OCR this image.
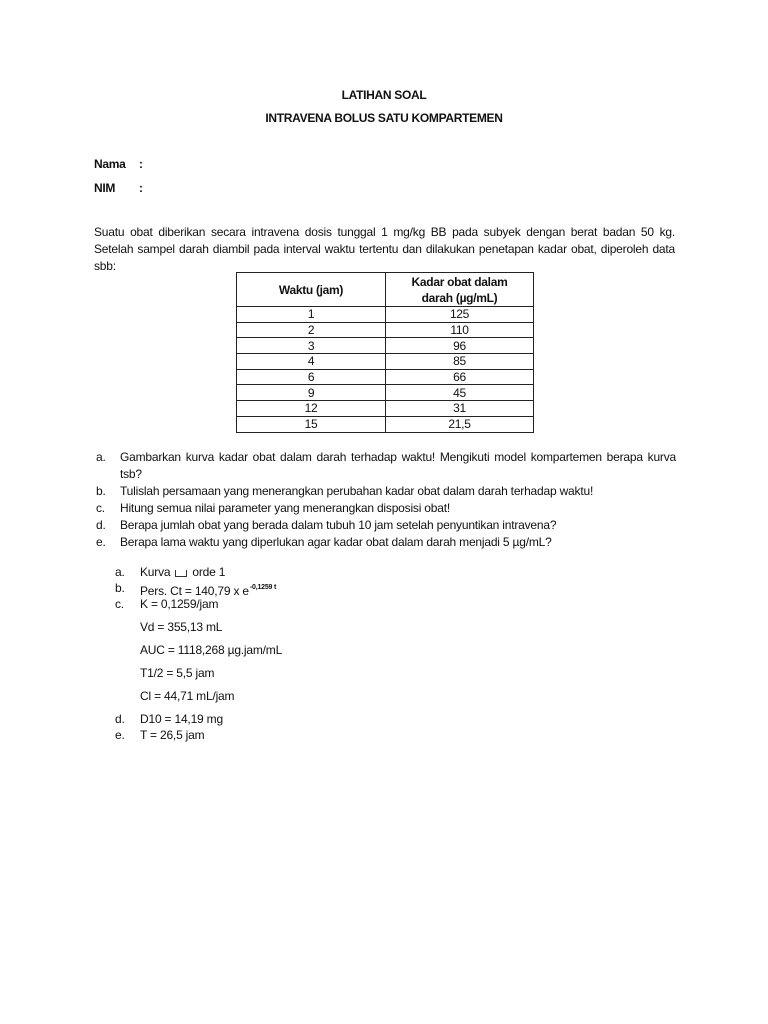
LATIHAN SOAL
INTRAVENA BOLUS SATU KOMPARTEMEN
Nama :
NIM :
Suatu obat diberikan secara intravena dosis tunggal 1 mg/kg BB pada subyek dengan berat badan 50 kg.
Setelah sampel darah diambil pada interval waktu tertentu dan dilakukan penetapan kadar obat, diperoleh data
sbb:
Waktu (jam)	Kadar obat dalam
darah (µg/mL)
1	125
2	110
3	96
4	85
6	66
9	45
12	31
15	21,5
a. Gambarkan kurva kadar obat dalam darah terhadap waktu! Mengikuti model kompartemen berapa kurva tsb?
b. Tulislah persamaan yang menerangkan perubahan kadar obat dalam darah terhadap waktu!
c. Hitung semua nilai parameter yang menerangkan disposisi obat!
d. Berapa jumlah obat yang berada dalam tubuh 10 jam setelah penyuntikan intravena?
e. Berapa lama waktu yang diperlukan agar kadar obat dalam darah menjadi 5 µg/mL?
a. Kurva orde 1
b. Pers. Ct = 140,79 x $e^{-0,1259 t}$
c. K = 0,1259/jam
Vd = 355,13 mL
AUC = 1118,268 µg.jam/mL
T1/2 = 5,5 jam
Cl = 44,71 mL/jam
d. D10 = 14,19 mg
e. T = 26,5 jam
